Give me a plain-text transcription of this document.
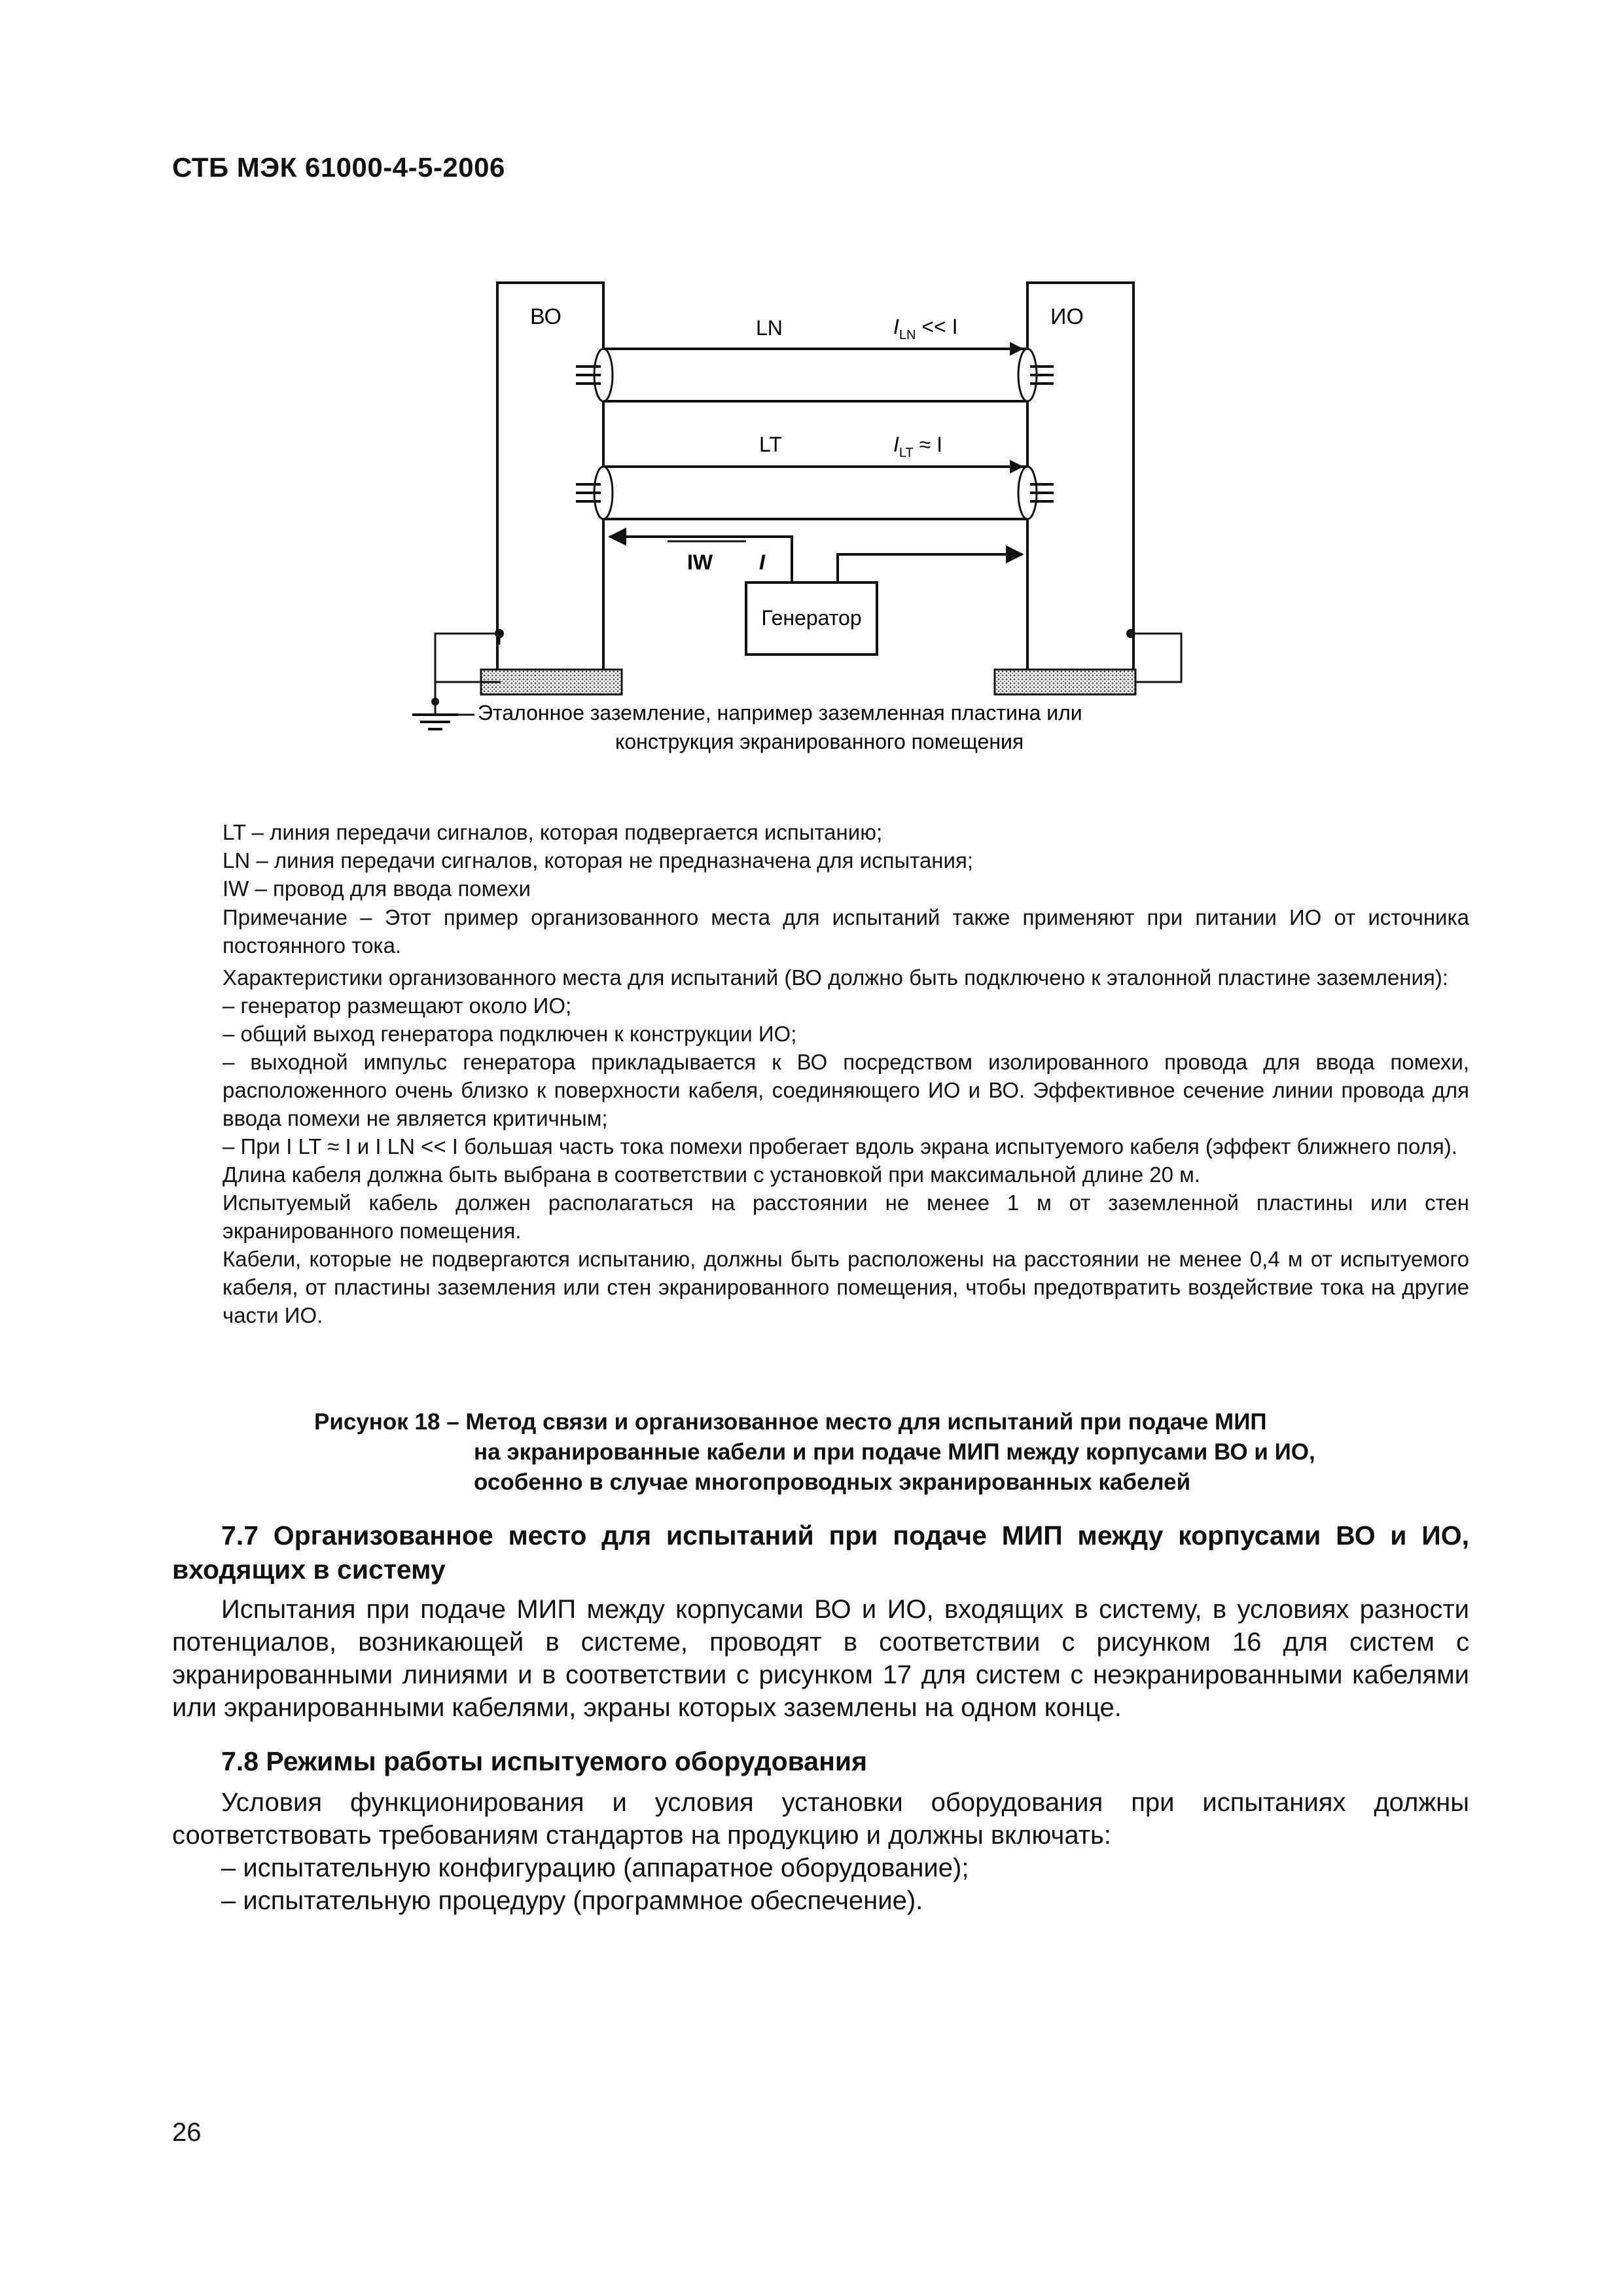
СТБ МЭК 61000-4-5-2006
ВО	ИО
LN	$I_{LN} << I$
LT	$I_{LT} \approx I$
IW I
Генератор
Эталонное заземление, например заземленная пластина или
конструкция экранированного помещения
LT – линия передачи сигналов, которая подвергается испытанию;
LN – линия передачи сигналов, которая не предназначена для испытания;
IW – провод для ввода помехи

Примечание – Этот пример организованного места для испытаний также применяют при питании ИО от источника постоянного тока.

Характеристики организованного места для испытаний (ВО должно быть подключено к эталонной пластине заземления):

– генератор размещают около ИО;

– общий выход генератора подключен к конструкции ИО;

– выходной импульс генератора прикладывается к ВО посредством изолированного провода для ввода помехи, расположенного очень близко к поверхности кабеля, соединяющего ИО и ВО. Эффективное сечение линии провода для ввода помехи не является критичным;

– При I LT ≈ I и I LN << I большая часть тока помехи пробегает вдоль экрана испытуемого кабеля (эффект ближнего поля).

Длина кабеля должна быть выбрана в соответствии с установкой при максимальной длине 20 м.

Испытуемый кабель должен располагаться на расстоянии не менее 1 м от заземленной пластины или стен экранированного помещения.

Кабели, которые не подвергаются испытанию, должны быть расположены на расстоянии не менее 0,4 м от испытуемого кабеля, от пластины заземления или стен экранированного помещения, чтобы предотвратить воздействие тока на другие части ИО.

Рисунок 18 – Метод связи и организованное место для испытаний при подаче МИП
на экранированные кабели и при подаче МИП между корпусами ВО и ИО,
особенно в случае многопроводных экранированных кабелей
7.7 Организованное место для испытаний при подаче МИП между корпусами ВО и ИО, входящих в систему

Испытания при подаче МИП между корпусами ВО и ИО, входящих в систему, в условиях разности потенциалов, возникающей в системе, проводят в соответствии с рисунком 16 для систем с экранированными линиями и в соответствии с рисунком 17 для систем с неэкранированными кабелями или экранированными кабелями, экраны которых заземлены на одном конце.

7.8 Режимы работы испытуемого оборудования

Условия функционирования и условия установки оборудования при испытаниях должны соответствовать требованиям стандартов на продукцию и должны включать:

– испытательную конфигурацию (аппаратное оборудование);

– испытательную процедуру (программное обеспечение).

26
